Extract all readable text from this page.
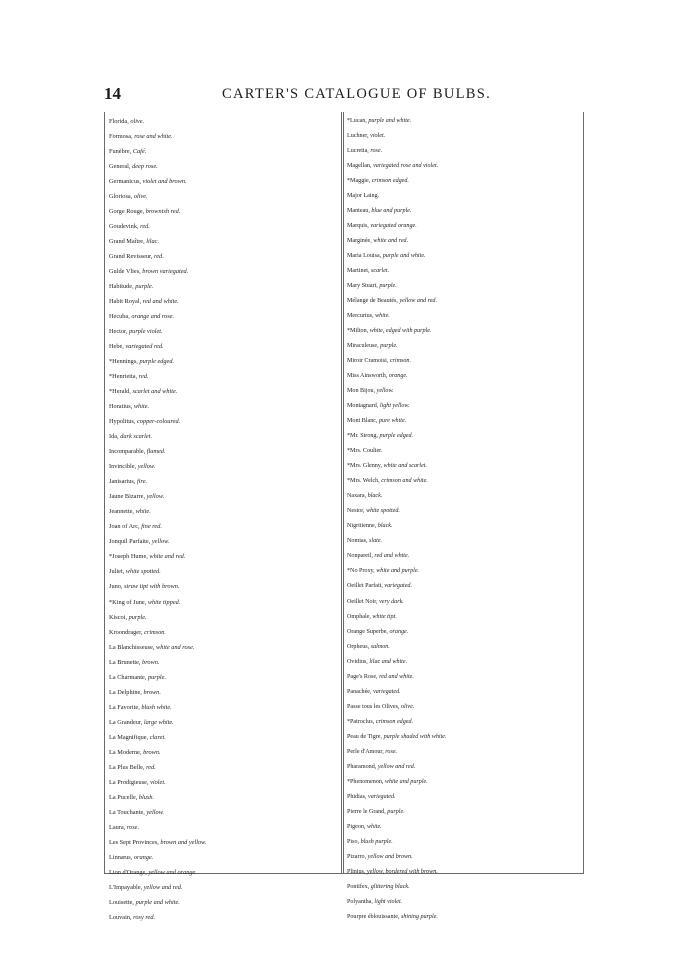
14	CARTER'S CATALOGUE OF BULBS.
Florida, olive.
Formosa, rose and white.
Funèbre, Café.
General, deep rose.
Germanicus, violet and brown.
Gloriosa, olive.
Gorge Rouge, brownish red.
Goudevink, red.
Grand Maître, lilac.
Grand Revisseur, red.
Gulde Vlies, brown variegated.
Habitude, purple.
Habit Royal, red and white.
Hecuba, orange and rose.
Hector, purple violet.
Hebe, variegated red.
*Hennings, purple edged.
*Henrietta, red.
*Herald, scarlet and white.
Horatius, white.
Hypolitus, copper-coloured.
Ida, dark scarlet.
Incomparable, flamed.
Invincible, yellow.
Janisarius, fire.
Jaune Bizarre, yellow.
Jeannette, white.
Joan of Arc, fine red.
Jonquil Parfaite, yellow.
*Joseph Hume, white and red.
Juliet, white spotted.
Juno, straw tipt with brown.
*King of June, white tipped.
Kiscoi, purple.
Kroondrager, crimson.
La Blanchisseuse, white and rose.
La Brunette, brown.
La Charmante, purple.
La Delphine, brown.
La Favorite, blush white.
La Grandeur, large white.
La Magnifique, claret.
La Moderne, brown.
La Plus Belle, red.
La Prodigieuse, violet.
La Pucelle, blush.
La Touchante, yellow.
Laura, rose.
Les Sept Provinces, brown and yellow.
Linnæus, orange.
Lion d'Orange, yellow and orange.
L'Impayable, yellow and red.
Louisette, purple and white.
Louvain, rosy red.
*Lucan, purple and white.
Luchner, violet.
Lucretia, rose.
Magellan, variegated rose and violet.
*Maggie, crimson edged.
Major Laing.
Manteau, blue and purple.
Marquis, variegated orange.
Marginée, white and red.
Maria Louisa, purple and white.
Martinet, scarlet.
Mary Stuart, purple.
Mélange de Beautés, yellow and red.
Mercurius, white.
*Milton, white, edged with purple.
Miraculeuse, purple.
Miroir Cramoisi, crimson.
Miss Ainsworth, orange.
Mon Bijou, yellow.
Montagnard, light yellow.
Mont Blanc, pure white.
*Mr. Strong, purple edged.
*Mrs. Coulier.
*Mrs. Glenny, white and scarlet.
*Mrs. Welch, crimson and white.
Naxara, black.
Nestor, white spotted.
Nigritienne, black.
Nomias, slate.
Nonpareil, red and white.
*No Proxy, white and purple.
Oeillet Parfait, variegated.
Oeillet Noir, very dark.
Omphale, white tipt.
Orange Superbe, orange.
Orpheus, salmon.
Ovidius, lilac and white.
Page's Rose, red and white.
Panachée, variegated.
Passe tous les Olives, olive.
*Patroclus, crimson edged.
Peau de Tigre, purple shaded with white.
Perle d'Amour, rose.
Pharamond, yellow and red.
*Phenomenon, white and purple.
Phidias, variegated.
Pierre le Grand, purple.
Pigeon, white.
Piso, blush purple.
Pizarro, yellow and brown.
Plinius, yellow, bordered with brown.
Pontifex, glittering black.
Polyantha, light violet.
Pourpre éblouissante, shining purple.
